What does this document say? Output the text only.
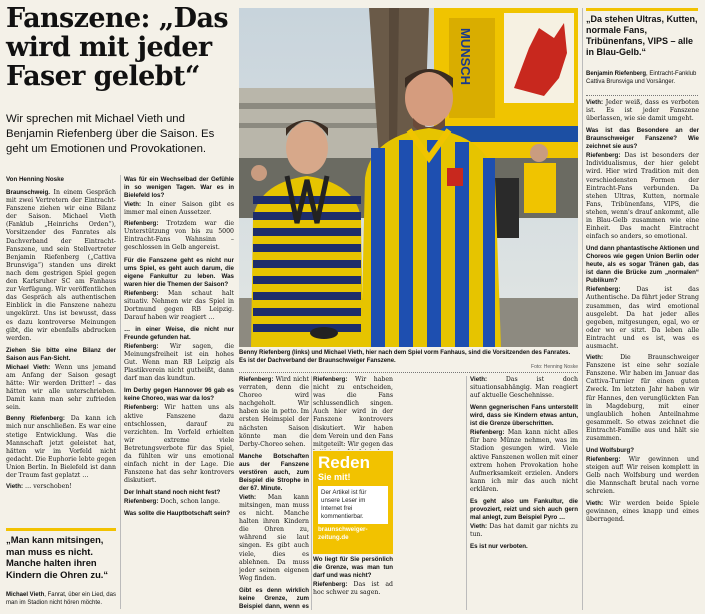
Fanszene: „Das wird mit jeder Faser gelebt“
Wir sprechen mit Michael Vieth und Benjamin Riefenberg über die Saison. Es geht um Emotionen und Provokationen.
Von Henning Noske

Braunschweig. In einem Gespräch mit zwei Vertretern der Eintracht-Fanszene ziehen wir eine Bilanz der Saison. Michael Vieth (Fanklub „Heinrichs Orden“), Vorsitzender des Fanrates als Dachverband der Eintracht-Fanszene, und sein Stellvertreter Benjamin Riefenberg („Cattiva Brunsviga“) standen uns direkt nach dem gestrigen Spiel gegen den Karlsruher SC am Fanhaus zur Verfügung. Wir veröffentlichen das Gespräch als authentischen Einblick in die Fanszene nahezu ungekürzt. Uns ist bewusst, dass es dazu kontroverse Meinungen gibt, die wir ebenfalls abdrucken werden.

Ziehen Sie bitte eine Bilanz der Saison aus Fan-Sicht.

Michael Vieth: Wenn uns jemand am Anfang der Saison gesagt hätte: Wir werden Dritter! – das hätten wir alle unterschrieben. Damit kann man sehr zufrieden sein.

Benny Riefenberg: Da kann ich mich nur anschließen. Es war eine stetige Entwicklung. Was die Mannschaft jetzt geleistet hat, hätten wir im Vorfeld nicht gedacht. Die Euphorie lebte gegen Union Berlin. In Bielefeld ist dann der Traum fast geplatzt …

Vieth: … verschoben!

„Man kann mitsingen, man muss es nicht. Manche halten ihren Kindern die Ohren zu.“
Michael Vieth, Fanrat, über ein Lied, das man im Stadion nicht hören möchte.

Was für ein Wechselbad der Gefühle in so wenigen Tagen. War es in Bielefeld los?

Vieth: In einer Saison gibt es immer mal einen Aussetzer.

Riefenberg: Trotzdem war die Unterstützung von bis zu 5000 Eintracht-Fans Wahnsinn – geschlossen in Gelb angereist.

Für die Fanszene geht es nicht nur ums Spiel, es geht auch darum, die eigene Fankultur zu leben. Was waren hier die Themen der Saison?

Riefenberg: Man schaut halt situativ. Nehmen wir das Spiel in Dortmund gegen RB Leipzig. Darauf haben wir reagiert …

… in einer Weise, die nicht nur Freunde gefunden hat.

Riefenberg: Wir sagen, die Meinungsfreiheit ist ein hohes Gut. Wenn man RB Leipzig als Plastikverein nicht gutheißt, dann darf man das kundtun.

Im Derby gegen Hannover 96 gab es keine Choreo, was war da los?

Riefenberg: Wir hatten uns als aktive Fanszene dazu entschlossen, darauf zu verzichten. Im Vorfeld erhielten wir extreme viele Betretungsverbote für das Spiel, da fühlten wir uns emotional einfach nicht in der Lage. Die Fanszene hat das sehr kontrovers diskutiert.

Der Inhalt stand noch nicht fest?

Riefenberg: Doch, schon lange.

Was sollte die Hauptbotschaft sein?

MUNSCH
Benny Riefenberg (links) und Michael Vieth, hier nach dem Spiel vorm Fanhaus, sind die Vorsitzenden des Fanrates. Es ist der Dachverband der Braunschweiger Fanszene.
Foto: Henning Noske

Riefenberg: Wird nicht verraten, denn die Choreo wird nachgeholt. Wir haben sie in petto. Im ersten Heimspiel der nächsten Saison könnte man die Derby-Choreo sehen.

Manche Botschaften aus der Fanszene verstören auch, zum Beispiel die Strophe in der 67. Minute.

Vieth: Man kann mitsingen, man muss es nicht. Manche halten ihren Kindern die Ohren zu, während sie laut singen. Es gibt auch viele, dies es ablehnen. Da muss jeder seinen eigenen Weg finden.

Gibt es denn wirklich keine Grenze, zum Beispiel dann, wenn es

Riefenberg: Wir haben nicht zu entscheiden, was die Fans schlussendlich singen. Auch hier wird in der Fanszene kontrovers diskutiert. Wir haben dem Verein und den Fans mitgeteilt: Wir gegen das

Reden
Sie mit!
Der Artikel ist für unsere Leser im Internet frei kommentierbar.
braunschweiger-zeitung.de

Wo liegt für Sie persönlich die Grenze, was man tun darf und was nicht?

Riefenberg: Das ist ad hoc schwer zu sagen.

Vieth: Das ist doch situationsabhängig. Man reagiert auf aktuelle Geschehnisse.

Wenn gegnerischen Fans unterstellt wird, dass sie Kindern etwas antun, ist die Grenze überschritten.

Riefenberg: Man kann nicht alles für bare Münze nehmen, was im Stadion gesungen wird. Viele aktive Fanszenen wollen mit einer extrem hohen Provokation hohe Aufmerksamkeit erzielen. Anders kann ich mir das auch nicht erklären.

Es geht also um Fankultur, die provoziert, reizt und sich auch gern mal anlegt, zum Beispiel Pyro …

Vieth: Das hat damit gar nichts zu tun.

Es ist nur verboten.

„Da stehen Ultras, Kutten, normale Fans, Tribünenfans, VIPS – alle in Blau-Gelb.“
Benjamin Riefenberg, Eintracht-Fanklub Cattiva Brunsviga und Vorsänger.

Vieth: Jeder weiß, dass es verboten ist. Es ist jeder Fanszene überlassen, wie sie damit umgeht.

Was ist das Besondere an der Braunschweiger Fanszene? Wie zeichnet sie aus?

Riefenberg: Das ist besonders der Individualismus, der hier gelebt wird. Hier wird Tradition mit den verschiedensten Formen der Eintracht-Fans verbunden. Da stehen Ultras, Kutten, normale Fans, Tribünenfans, VIPS, die stehen, wenn's drauf ankommt, alle in Blau-Gelb zusammen wie eine Einheit. Das macht Eintracht einfach so anders, so emotional.

Und dann phantastische Aktionen und Choreos wie gegen Union Berlin oder heute, als es sogar Tränen gab, das ist dann die Brücke zum „normalen“ Publikum?

Riefenberg: Das ist das Authentische. Da führt jeder Strang zusammen, das wird emotional ausgelebt. Da hat jeder alles gegeben, mitgesungen, egal, wo er oder wo er sitzt. Da leben alle Eintracht und es ist, was es ausmacht.

Vieth: Die Braunschweiger Fanszene ist eine sehr soziale Fanszene. Wir haben im Januar das Cattiva-Turnier für einen guten Zweck. Im letzten Jahr haben wir für Hannes, den verunglückten Fan in Magdeburg, mit einer unglaublich hohen Anteilnahme gesammelt. So etwas zeichnet die Eintracht-Familie aus und hält sie zusammen.

Und Wolfsburg?

Riefenberg: Wir gewinnen und steigen auf! Wir reisen komplett in Gelb nach Wolfsburg und werden die Mannschaft brutal nach vorne schreien.

Vieth: Wir werden beide Spiele gewinnen, eines knapp und eines überragend.
